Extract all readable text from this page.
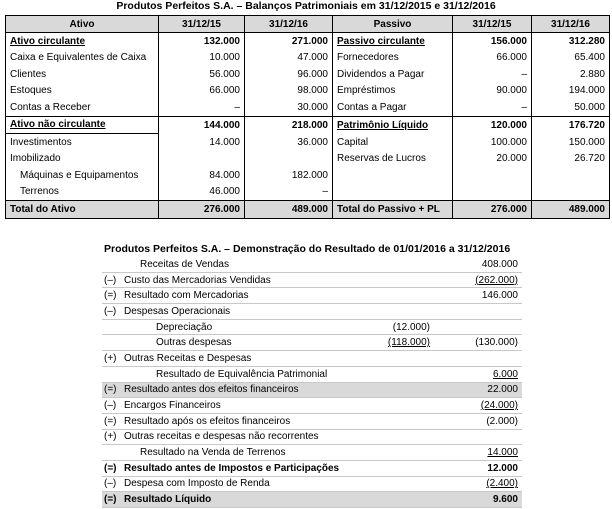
Produtos Perfeitos S.A. – Balanços Patrimoniais em 31/12/2015 e 31/12/2016
Ativo	31/12/15	31/12/16	Passivo	31/12/15	31/12/16
Ativo circulante	132.000	271.000	Passivo circulante	156.000	312.280
Caixa e Equivalentes de Caixa	10.000	47.000	Fornecedores	66.000	65.400
Clientes	56.000	96.000	Dividendos a Pagar	–	2.880
Estoques	66.000	98.000	Empréstimos	90.000	194.000
Contas a Receber	–	30.000	Contas a Pagar	–	50.000
Ativo não circulante	144.000	218.000	Patrimônio Líquido	120.000	176.720
Investimentos	14.000	36.000	Capital	100.000	150.000
Imobilizado			Reservas de Lucros	20.000	26.720
Máquinas e Equipamentos	84.000	182.000			
Terrenos	46.000	–			
Total do Ativo	276.000	489.000	Total do Passivo + PL	276.000	489.000
Produtos Perfeitos S.A. – Demonstração do Resultado de 01/01/2016 a 31/12/2016
	Receitas de Vendas		408.000
(–)	Custo das Mercadorias Vendidas		(262.000)
(=)	Resultado com Mercadorias		146.000
(–)	Despesas Operacionais		
	Depreciação	(12.000)	
	Outras despesas	(118.000)	(130.000)
(+)	Outras Receitas e Despesas		
	Resultado de Equivalência Patrimonial		6.000
(=)	Resultado antes dos efeitos financeiros		22.000
(–)	Encargos Financeiros		(24.000)
(=)	Resultado após os efeitos financeiros		(2.000)
(+)	Outras receitas e despesas não recorrentes		
	Resultado na Venda de Terrenos		14.000
(=)	Resultado antes de Impostos e Participações		12.000
(–)	Despesa com Imposto de Renda		(2.400)
(=)	Resultado Líquido		9.600
